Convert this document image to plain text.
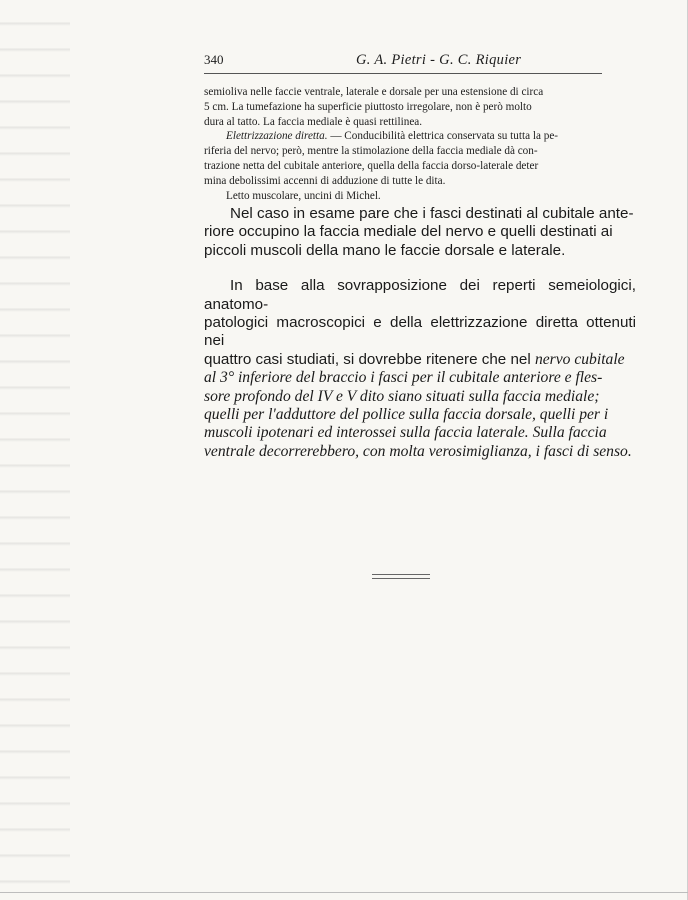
340	G. A. Pietri - G. C. Riquier

semioliva nelle faccie ventrale, laterale e dorsale per una estensione di circa
5 cm. La tumefazione ha superficie piuttosto irregolare, non è però molto
dura al tatto. La faccia mediale è quasi rettilinea.

Elettrizzazione diretta. — Conducibilità elettrica conservata su tutta la pe-
riferia del nervo; però, mentre la stimolazione della faccia mediale dà con-
trazione netta del cubitale anteriore, quella della faccia dorso-laterale deter
mina debolissimi accenni di adduzione di tutte le dita.

Letto muscolare, uncini di Michel.

Nel caso in esame pare che i fasci destinati al cubitale ante-
riore occupino la faccia mediale del nervo e quelli destinati ai
piccoli muscoli della mano le faccie dorsale e laterale.

In base alla sovrapposizione dei reperti semeiologici, anatomo-
patologici macroscopici e della elettrizzazione diretta ottenuti nei
quattro casi studiati, si dovrebbe ritenere che nel nervo cubitale
al 3° inferiore del braccio i fasci per il cubitale anteriore e fles-
sore profondo del IV e V dito siano situati sulla faccia mediale;
quelli per l'adduttore del pollice sulla faccia dorsale, quelli per i
muscoli ipotenari ed interossei sulla faccia laterale. Sulla faccia
ventrale decorrerebbero, con molta verosimiglianza, i fasci di senso.
